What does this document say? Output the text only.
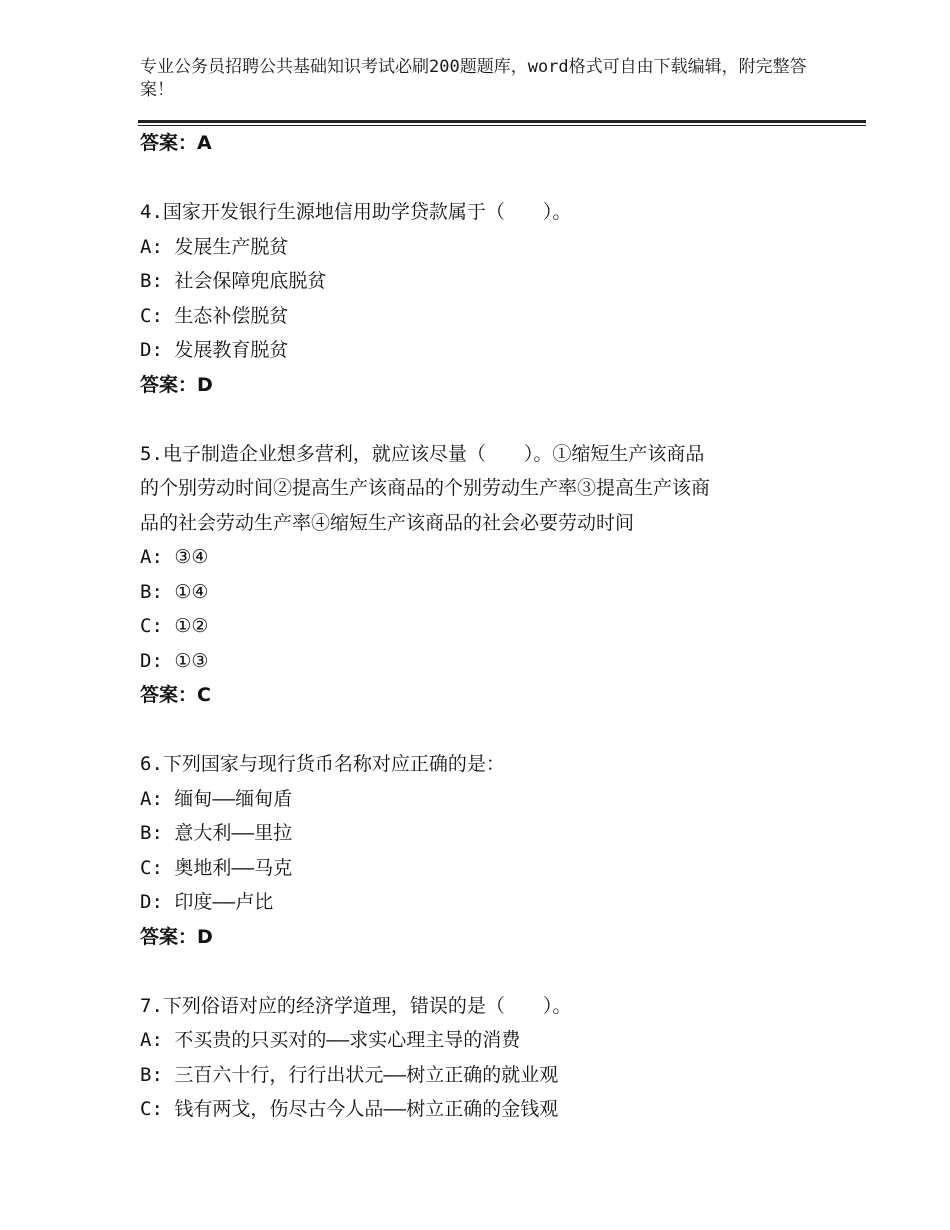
专业公务员招聘公共基础知识考试必刷200题题库，word格式可自由下载编辑，附完整答案！
答案：A
4.国家开发银行生源地信用助学贷款属于（　　）。
A: 发展生产脱贫
B: 社会保障兜底脱贫
C: 生态补偿脱贫
D: 发展教育脱贫
答案：D
5.电子制造企业想多营利，就应该尽量（　　）。①缩短生产该商品
的个别劳动时间②提高生产该商品的个别劳动生产率③提高生产该商
品的社会劳动生产率④缩短生产该商品的社会必要劳动时间
A: ③④
B: ①④
C: ①②
D: ①③
答案：C
6.下列国家与现行货币名称对应正确的是：
A: 缅甸——缅甸盾
B: 意大利——里拉
C: 奥地利——马克
D: 印度——卢比
答案：D
7.下列俗语对应的经济学道理，错误的是（　　）。
A: 不买贵的只买对的——求实心理主导的消费
B: 三百六十行，行行出状元——树立正确的就业观
C: 钱有两戈，伤尽古今人品——树立正确的金钱观
